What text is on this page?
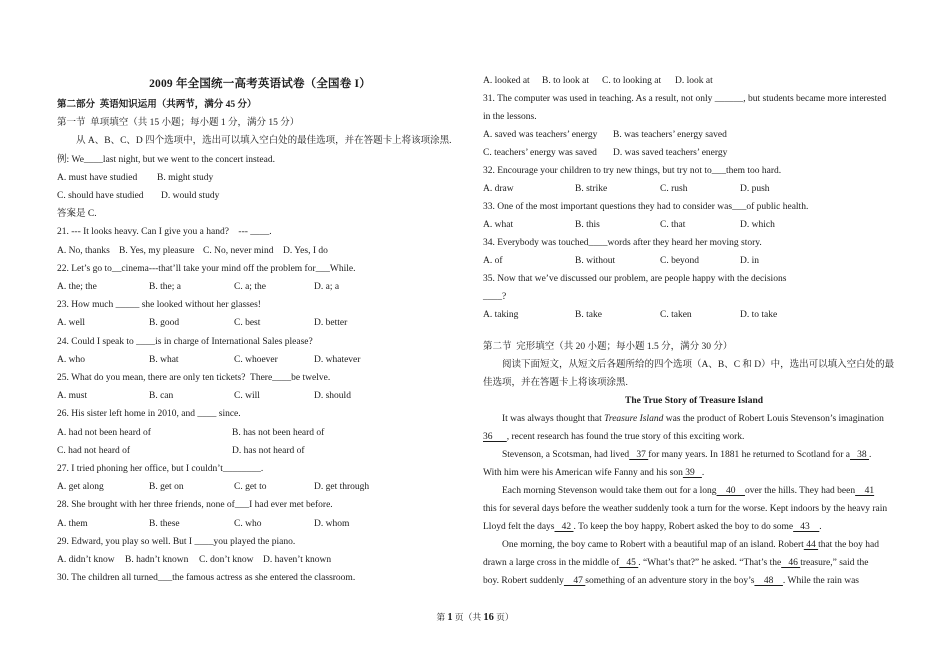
2009 年全国统一高考英语试卷（全国卷 I）
第二部分  英语知识运用（共两节，满分 45 分）
第一节  单项填空（共 15 小题；每小题 1 分，满分 15 分）
从 A、B、C、D 四个选项中，选出可以填入空白处的最佳选项，并在答题卡上将该项涂黑.
例: We____last night, but we went to the concert instead.
A. must have studied B. might study
C. should have studied D. would study
答案是 C.
21. --- It looks heavy. Can I give you a hand?    --- ____.
A. No, thanks B. Yes, my pleasure C. No, never mind D. Yes, I do
22. Let’s go to__cinema---that’ll take your mind off the problem for___While.
A. the; the	B. the; a	C. a; the	D. a; a
23. How much _____ she looked without her glasses!
A. well	B. good	C. best	D. better
24. Could I speak to ____is in charge of International Sales please?
A. who	B. what	C. whoever	D. whatever
25. What do you mean, there are only ten tickets?  There____be twelve.
A. must	B. can	C. will	D. should
26. His sister left home in 2010, and ____ since.
A. had not been heard of	B. has not been heard of
C. had not heard of	D. has not heard of
27. I tried phoning her office, but I couldn’t________.
A. get along	B. get on	C. get to	D. get through
28. She brought with her three friends, none of___I had ever met before.
A. them	B. these	C. who	D. whom
29. Edward, you play so well. But I ____you played the piano.
A. didn’t know B. hadn’t known C. don’t know D. haven’t known
30. The children all turned___the famous actress as she entered the classroom.
A. looked at B. to look at C. to looking at D. look at
31. The computer was used in teaching. As a result, not only ______, but students became more interested
in the lessons.
A. saved was teachers’ energy B. was teachers’ energy saved
C. teachers’ energy was saved D. was saved teachers’ energy
32. Encourage your children to try new things, but try not to___them too hard.
A. draw	B. strike	C. rush	D. push
33. One of the most important questions they had to consider was___of public health.
A. what	B. this	C. that	D. which
34. Everybody was touched____words after they heard her moving story.
A. of	B. without	C. beyond	D. in
35. Now that we’ve discussed our problem, are people happy with the decisions
____?
A. taking	B. take	C. taken	D. to take

第二节  完形填空（共 20 小题；每小题 1.5 分，满分 30 分）
阅读下面短文，从短文后各题所给的四个选项（A、B、C 和 D）中，选出可以填入空白处的最
佳选项，并在答题卡上将该项涂黑.
The True Story of Treasure Island
It was always thought that Treasure Island was the product of Robert Louis Stevenson’s imagination
36      , recent research has found the true story of this exciting work.
Stevenson, a Scotsman, had lived   37 for many years. In 1881 he returned to Scotland for a   38 .
With him were his American wife Fanny and his son 39   .
Each morning Stevenson would take them out for a long    40    over the hills. They had been    41
this for several days before the weather suddenly took a turn for the worse. Kept indoors by the heavy rain
Lloyd felt the days   42 . To keep the boy happy, Robert asked the boy to do some   43    .
One morning, the boy came to Robert with a beautiful map of an island. Robert 44 that the boy had
drawn a large cross in the middle of   45 . “What’s that?” he asked. “That’s the   46 treasure,” said the
boy. Robert suddenly    47 something of an adventure story in the boy’s    48    . While the rain was
第 1 页（共 16 页）
